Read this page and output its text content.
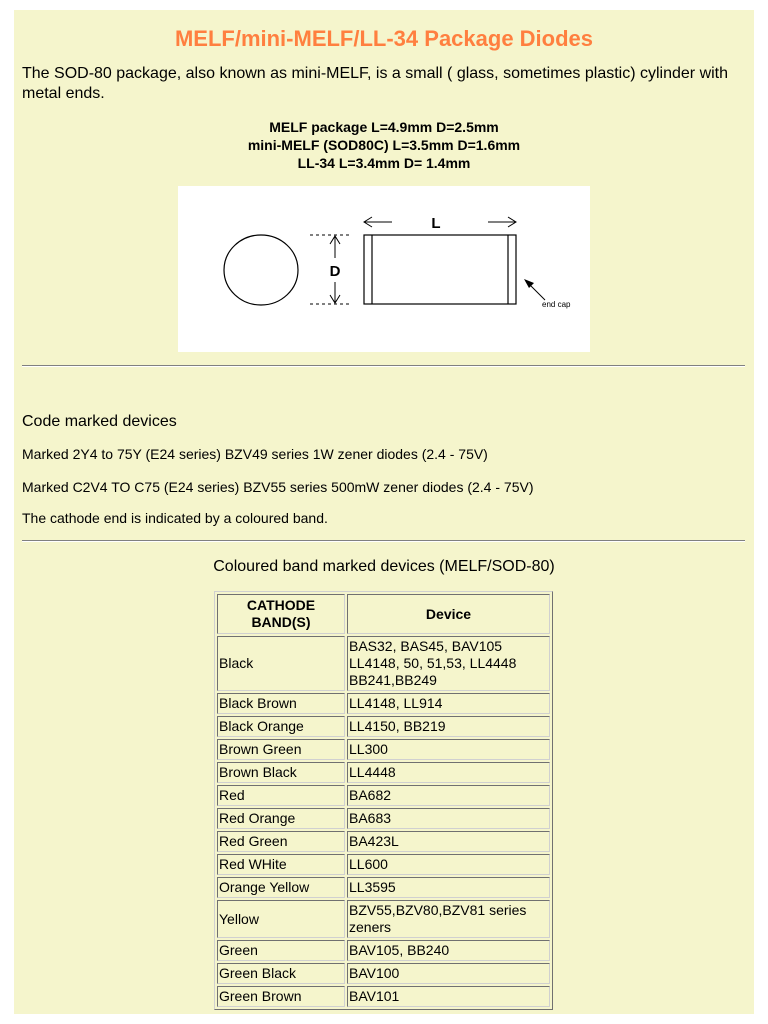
MELF/mini-MELF/LL-34 Package Diodes

The SOD-80 package, also known as mini-MELF, is a small ( glass, sometimes plastic) cylinder with metal ends.

MELF package L=4.9mm D=2.5mm
mini-MELF (SOD80C) L=3.5mm D=1.6mm
LL-34 L=3.4mm D= 1.4mm
D
L
end cap

Code marked devices

Marked 2Y4 to 75Y (E24 series) BZV49 series 1W zener diodes (2.4 - 75V)

Marked C2V4 TO C75 (E24 series) BZV55 series 500mW zener diodes (2.4 - 75V)

The cathode end is indicated by a coloured band.

Coloured band marked devices (MELF/SOD-80)

CATHODE BAND(S)	Device
Black	BAS32, BAS45, BAV105
LL4148, 50, 51,53, LL4448
BB241,BB249
Black Brown	LL4148, LL914
Black Orange	LL4150, BB219
Brown Green	LL300
Brown Black	LL4448
Red	BA682
Red Orange	BA683
Red Green	BA423L
Red WHite	LL600
Orange Yellow	LL3595
Yellow	BZV55,BZV80,BZV81 series
zeners
Green	BAV105, BB240
Green Black	BAV100
Green Brown	BAV101
